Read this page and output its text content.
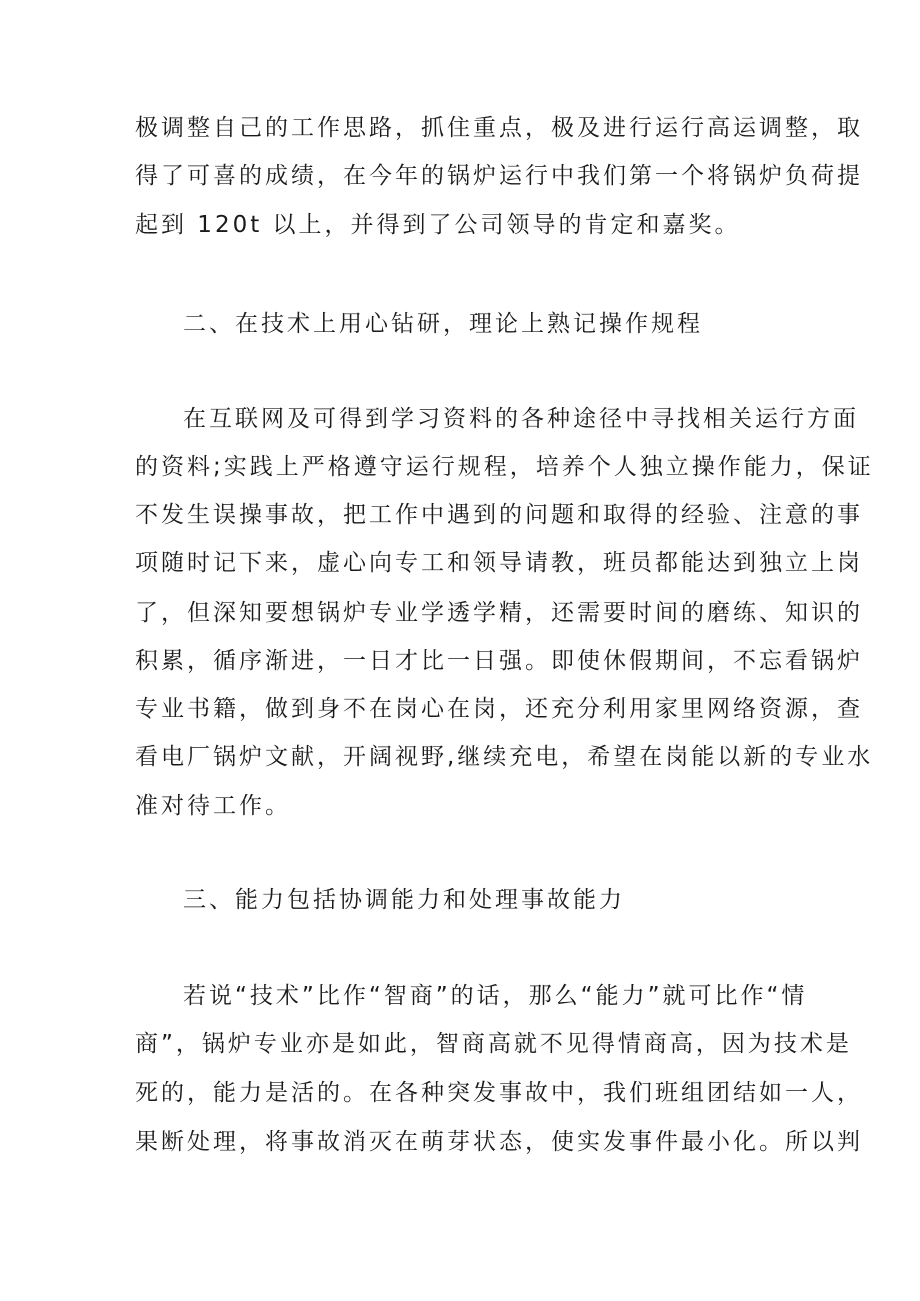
极调整自己的工作思路，抓住重点，极及进行运行高运调整，取
得了可喜的成绩，在今年的锅炉运行中我们第一个将锅炉负荷提
起到 120t 以上，并得到了公司领导的肯定和嘉奖。
二、在技术上用心钻研，理论上熟记操作规程
在互联网及可得到学习资料的各种途径中寻找相关运行方面
的资料;实践上严格遵守运行规程，培养个人独立操作能力，保证
不发生误操事故，把工作中遇到的问题和取得的经验、注意的事
项随时记下来，虚心向专工和领导请教，班员都能达到独立上岗
了，但深知要想锅炉专业学透学精，还需要时间的磨练、知识的
积累，循序渐进，一日才比一日强。即使休假期间，不忘看锅炉
专业书籍，做到身不在岗心在岗，还充分利用家里网络资源，查
看电厂锅炉文献，开阔视野,继续充电，希望在岗能以新的专业水
准对待工作。
三、能力包括协调能力和处理事故能力
若说“技术”比作“智商”的话，那么“能力”就可比作“情
商”，锅炉专业亦是如此，智商高就不见得情商高，因为技术是
死的，能力是活的。在各种突发事故中，我们班组团结如一人，
果断处理，将事故消灭在萌芽状态，使实发事件最小化。所以判
